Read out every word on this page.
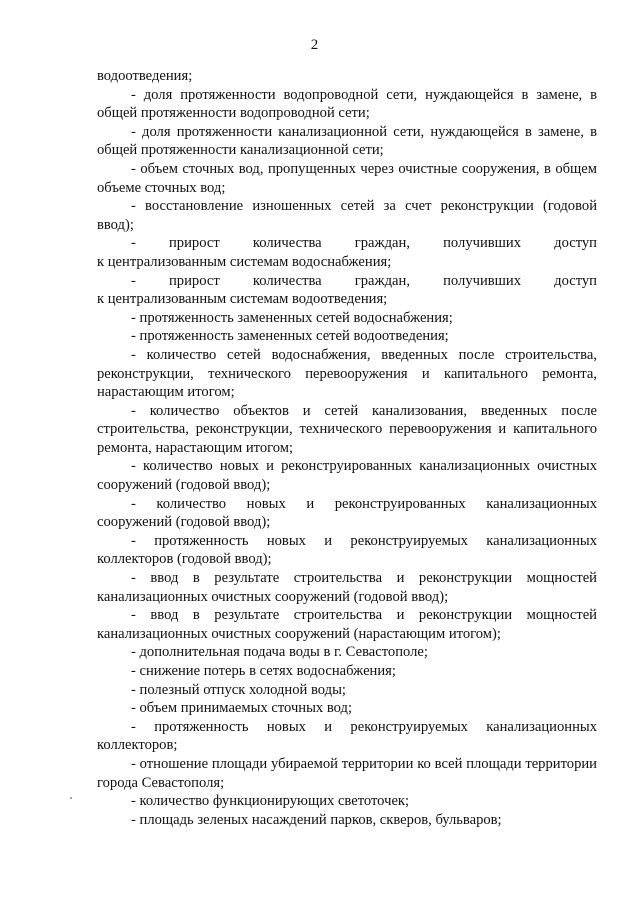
2

водоотведения;

- доля протяженности водопроводной сети, нуждающейся в замене, в общей протяженности водопроводной сети;

- доля протяженности канализационной сети, нуждающейся в замене, в общей протяженности канализационной сети;

- объем сточных вод, пропущенных через очистные сооружения, в общем объеме сточных вод;

- восстановление изношенных сетей за счет реконструкции (годовой ввод);

- прирост количества граждан, получивших доступ

к централизованным системам водоснабжения;

- прирост количества граждан, получивших доступ

к централизованным системам водоотведения;

- протяженность замененных сетей водоснабжения;

- протяженность замененных сетей водоотведения;

- количество сетей водоснабжения, введенных после строительства, реконструкции, технического перевооружения и капитального ремонта, нарастающим итогом;

- количество объектов и сетей канализования, введенных после строительства, реконструкции, технического перевооружения и капитального ремонта, нарастающим итогом;

- количество новых и реконструированных канализационных очистных сооружений (годовой ввод);

- количество новых и реконструированных канализационных

сооружений (годовой ввод);

- протяженность новых и реконструируемых канализационных

коллекторов (годовой ввод);

- ввод в результате строительства и реконструкции мощностей канализационных очистных сооружений (годовой ввод);

- ввод в результате строительства и реконструкции мощностей канализационных очистных сооружений (нарастающим итогом);

- дополнительная подача воды в г. Севастополе;

- снижение потерь в сетях водоснабжения;

- полезный отпуск холодной воды;

- объем принимаемых сточных вод;

- протяженность новых и реконструируемых канализационных

коллекторов;

- отношение площади убираемой территории ко всей площади территории города Севастополя;

- количество функционирующих светоточек;

- площадь зеленых насаждений парков, скверов, бульваров;
